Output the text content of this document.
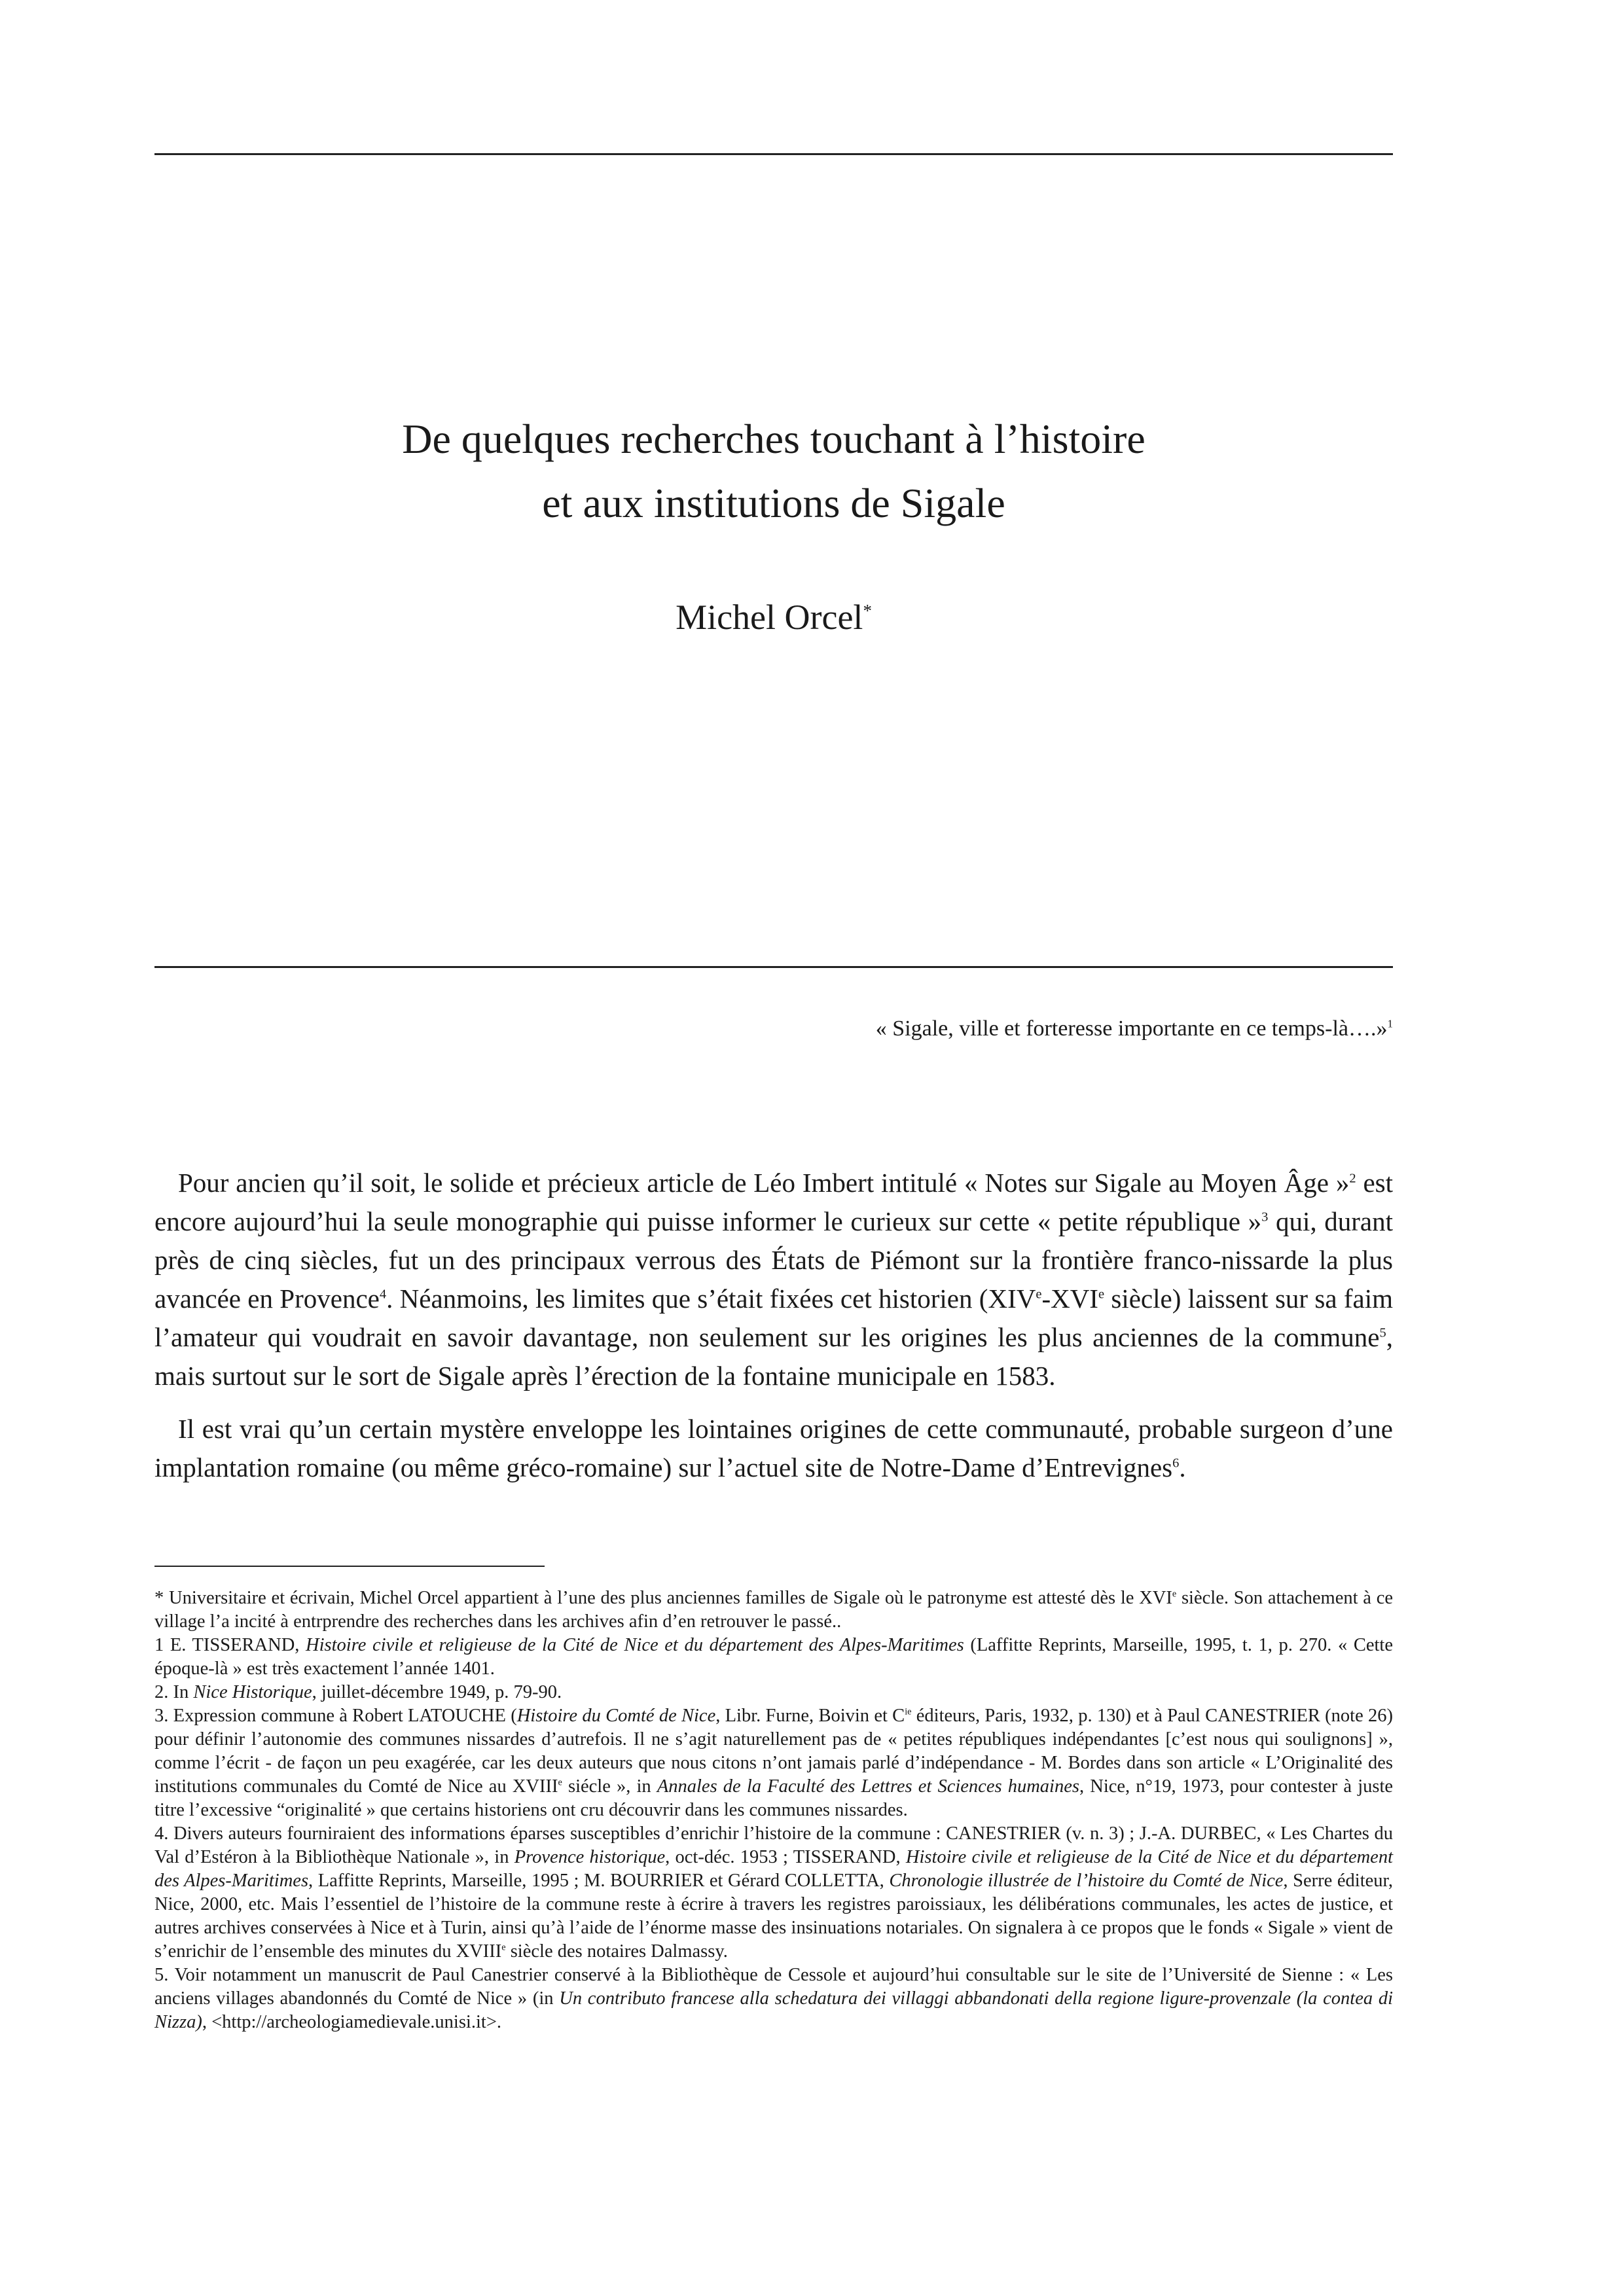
De quelques recherches touchant à l’histoire
et aux institutions de Sigale
Michel Orcel*

« Sigale, ville et forteresse importante en ce temps-là….»$^1$

Pour ancien qu’il soit, le solide et précieux article de Léo Imbert intitulé « Notes sur Sigale au Moyen Âge »$^2$ est encore aujourd’hui la seule monographie qui puisse informer le curieux sur cette « petite république »$^3$ qui, durant près de cinq siècles, fut un des principaux verrous des États de Piémont sur la frontière franco-nissarde la plus avancée en Provence$^4$. Néanmoins, les limites que s’était fixées cet historien (XIVe-XVIe siècle) laissent sur sa faim l’amateur qui voudrait en savoir davantage, non seulement sur les origines les plus anciennes de la commune$^5$, mais surtout sur le sort de Sigale après l’érection de la fontaine municipale en 1583.

Il est vrai qu’un certain mystère enveloppe les lointaines origines de cette communauté, probable surgeon d’une implantation romaine (ou même gréco-romaine) sur l’actuel site de Notre-Dame d’Entrevignes$^6$.

* Universitaire et écrivain, Michel Orcel appartient à l’une des plus anciennes familles de Sigale où le patronyme est attesté dès le XVIe siècle. Son attachement à ce village l’a incité à entrprendre des recherches dans les archives afin d’en retrouver le passé..

1 E. TISSERAND, Histoire civile et religieuse de la Cité de Nice et du département des Alpes-Maritimes (Laffitte Reprints, Marseille, 1995, t. 1, p. 270. « Cette époque-là » est très exactement l’année 1401.

2. In Nice Historique, juillet-décembre 1949, p. 79-90.

3. Expression commune à Robert LATOUCHE (Histoire du Comté de Nice, Libr. Furne, Boivin et $C^{ie}$ éditeurs, Paris, 1932, p. 130) et à Paul CANESTRIER (note 26) pour définir l’autonomie des communes nissardes d’autrefois. Il ne s’agit naturellement pas de « petites républiques indépendantes [c’est nous qui soulignons] », comme l’écrit - de façon un peu exagérée, car les deux auteurs que nous citons n’ont jamais parlé d’indépendance - M. Bordes dans son article « L’Originalité des institutions communales du Comté de Nice au XVIIIe siécle », in Annales de la Faculté des Lettres et Sciences humaines, Nice, n°19, 1973, pour contester à juste titre l’excessive “originalité » que certains historiens ont cru découvrir dans les communes nissardes.

4. Divers auteurs fourniraient des informations éparses susceptibles d’enrichir l’histoire de la commune : CANESTRIER (v. n. 3) ; J.-A. DURBEC, « Les Chartes du Val d’Estéron à la Bibliothèque Nationale », in Provence historique, oct-déc. 1953 ; TISSERAND, Histoire civile et religieuse de la Cité de Nice et du département des Alpes-Maritimes, Laffitte Reprints, Marseille, 1995 ; M. BOURRIER et Gérard COLLETTA, Chronologie illustrée de l’histoire du Comté de Nice, Serre éditeur, Nice, 2000, etc. Mais l’essentiel de l’histoire de la commune reste à écrire à travers les registres paroissiaux, les délibérations communales, les actes de justice, et autres archives conservées à Nice et à Turin, ainsi qu’à l’aide de l’énorme masse des insinuations notariales. On signalera à ce propos que le fonds « Sigale » vient de s’enrichir de l’ensemble des minutes du XVIIIe siècle des notaires Dalmassy.

5. Voir notamment un manuscrit de Paul Canestrier conservé à la Bibliothèque de Cessole et aujourd’hui consultable sur le site de l’Université de Sienne : « Les anciens villages abandonnés du Comté de Nice » (in Un contributo francese alla schedatura dei villaggi abbandonati della regione ligure-provenzale (la contea di Nizza), <http://archeologiamedievale.unisi.it>.
